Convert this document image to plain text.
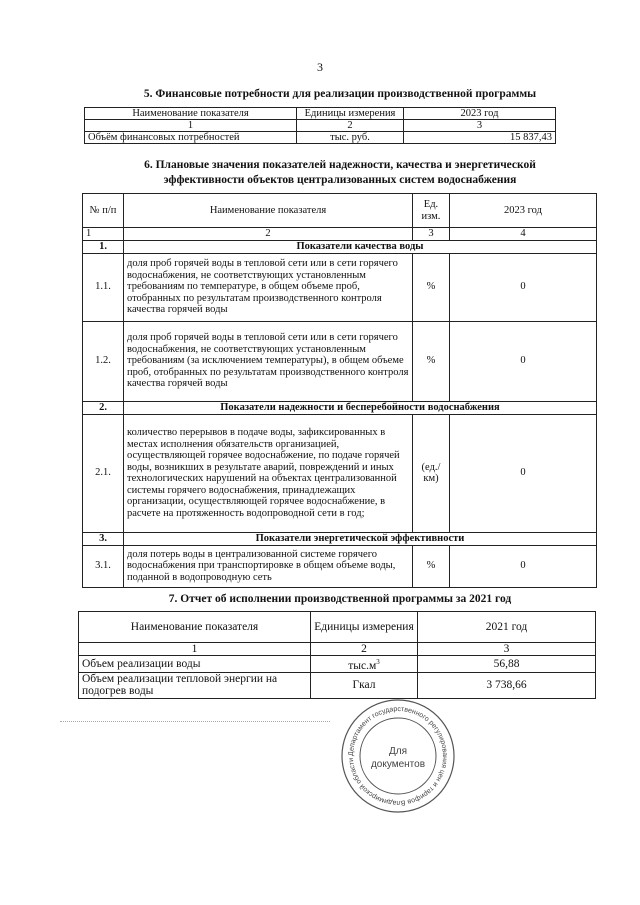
3
5. Финансовые потребности для реализации производственной программы
Наименование показателя	Единицы измерения	2023 год
1	2	3
Объём финансовых потребностей	тыс. руб.	15 837,43
6. Плановые значения показателей надежности, качества и энергетической
эффективности объектов централизованных систем водоснабжения
№ п/п	Наименование показателя	Ед. изм.	2023 год
1	2	3	4
1.	Показатели качества воды		
1.1.	доля проб горячей воды в тепловой сети или в сети горячего водоснабжения, не соответствующих установленным требованиям по температуре, в общем объеме проб, отобранных по результатам производственного контроля качества горячей воды	%	0
1.2.	доля проб горячей воды в тепловой сети или в сети горячего водоснабжения, не соответствующих установленным требованиям (за исключением температуры), в общем объеме проб, отобранных по результатам производственного контроля качества горячей воды	%	0
2.	Показатели надежности и бесперебойности водоснабжения		
2.1.	количество перерывов в подаче воды, зафиксированных в местах исполнения обязательств организацией, осуществляющей горячее водоснабжение, по подаче горячей воды, возникших в результате аварий, повреждений и иных технологических нарушений на объектах централизованной системы горячего водоснабжения, принадлежащих организации, осуществляющей горячее водоснабжение, в расчете на протяженность водопроводной сети в год;	(ед./км)	0
3.	Показатели энергетической эффективности		
3.1.	доля потерь воды в централизованной системе горячего водоснабжения при транспортировке в общем объеме воды, поданной в водопроводную сеть	%	0
7. Отчет об исполнении производственной программы за 2021 год
Наименование показателя	Единицы измерения	2021 год
1	2	3
Объем реализации воды	$тыс.м^3$	56,88
Объем реализации тепловой энергии на подогрев воды	Гкал	3 738,66
Департамент государственного регулирования цен и тарифов Владимирской области
Для
документов
